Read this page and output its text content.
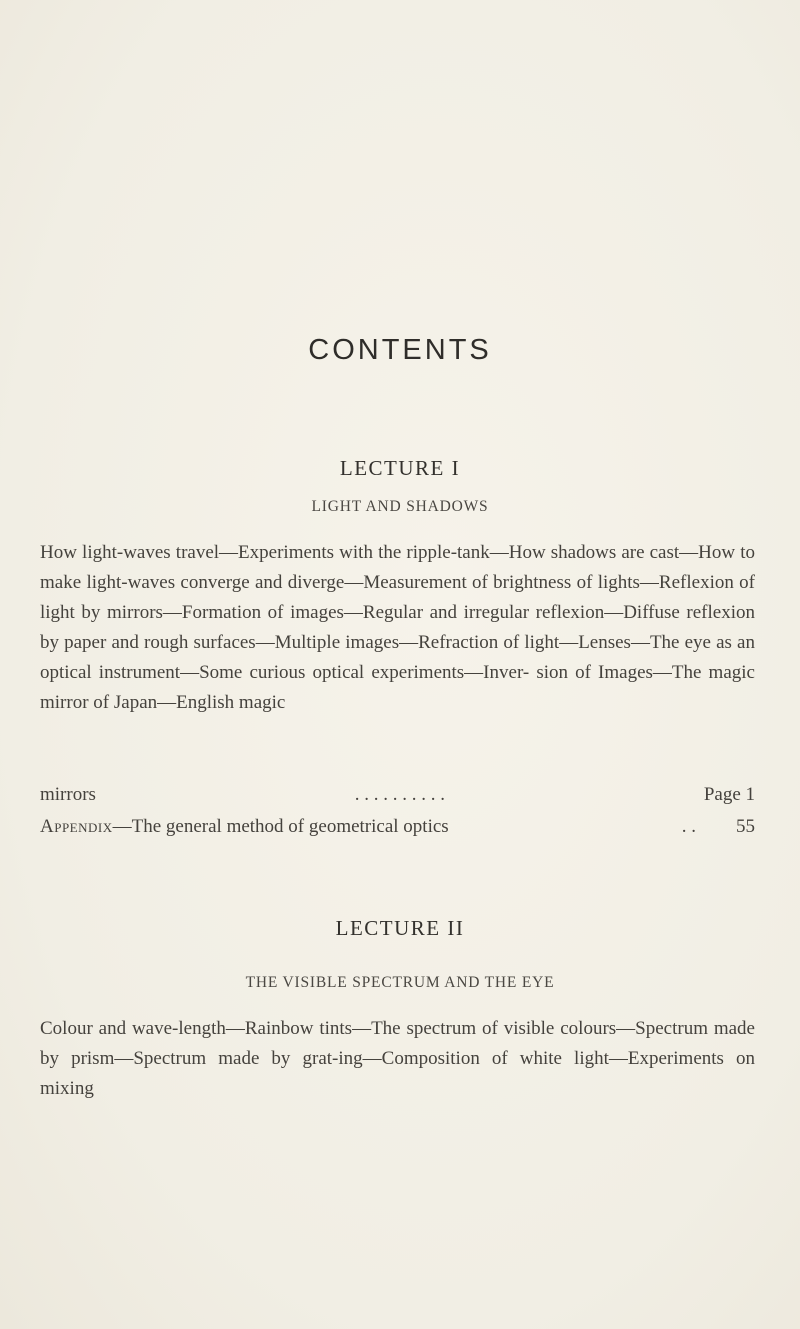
CONTENTS
LECTURE I
LIGHT AND SHADOWS

How light-waves travel—Experiments with the ripple-tank—How shadows are cast—How to make light-waves converge and diverge—Measurement of brightness of lights—Reflexion of light by mirrors—Formation of images—Regular and irregular reflexion—Diffuse reflexion by paper and rough surfaces—Multiple images—Refraction of light—Lenses—The eye as an optical instrument—Some curious optical experiments—Inver- sion of Images—The magic mirror of Japan—English magic

mirrors	. . . . . . . . . .	Page 1
Appendix—The general method of geometrical optics	. . 55
LECTURE II
THE VISIBLE SPECTRUM AND THE EYE

Colour and wave-length—Rainbow tints—The spectrum of visible colours—Spectrum made by prism—Spectrum made by grat-ing—Composition of white light—Experiments on mixing
